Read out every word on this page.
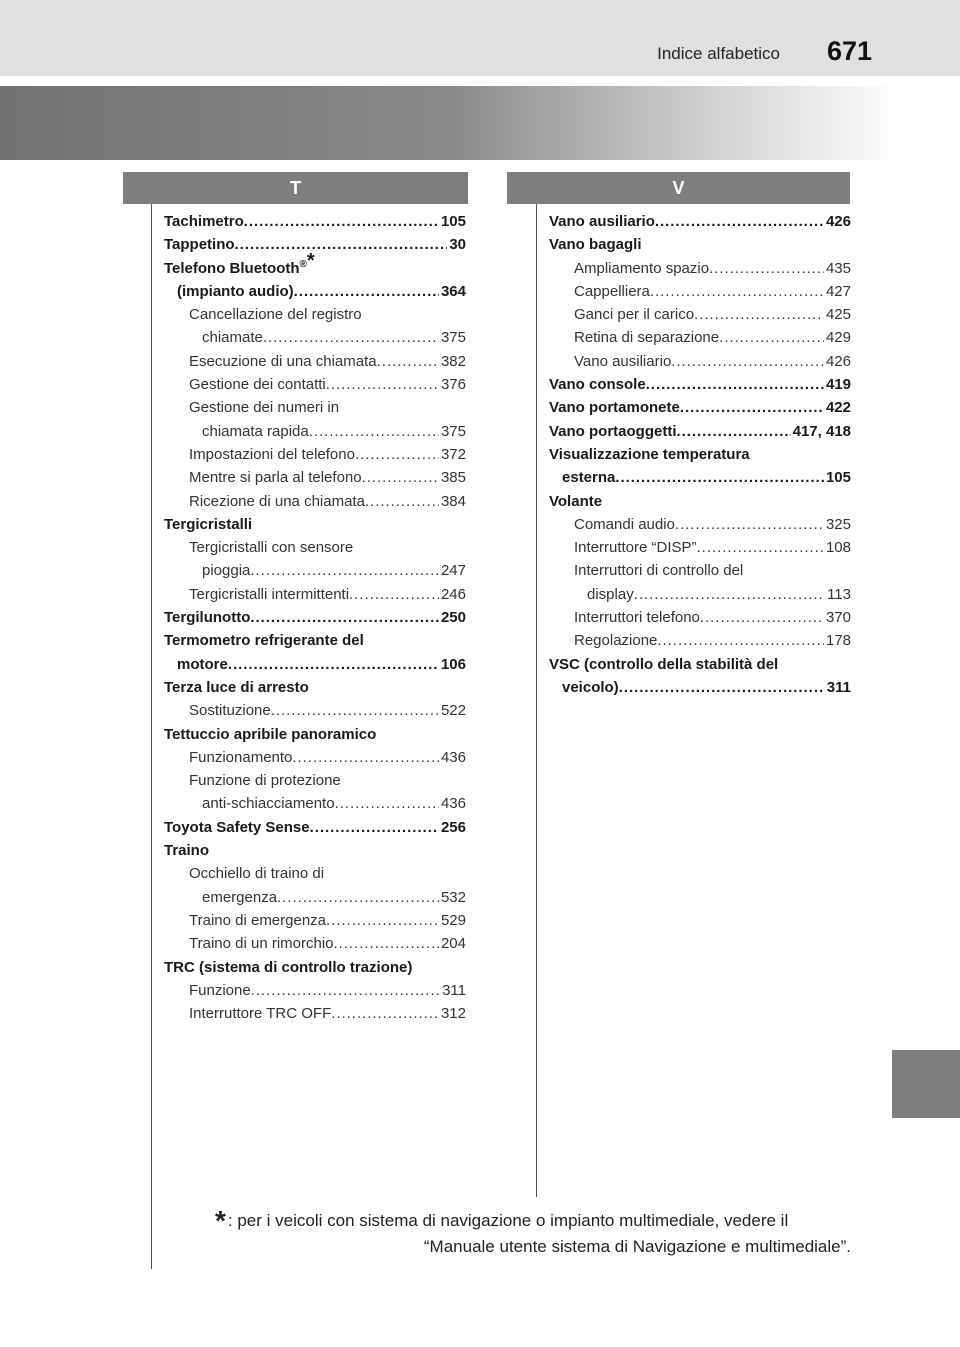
Indice alfabetico 671
T	V
Tachimetro . . .	105
Tappetino . . .	30
Telefono Bluetooth®*
(impianto audio) . . .	364
Cancellazione del registro
chiamate . . .	375
Esecuzione di una chiamata . . .	382
Gestione dei contatti . . .	376
Gestione dei numeri in
chiamata rapida . . .	375
Impostazioni del telefono . . .	372
Mentre si parla al telefono . . .	385
Ricezione di una chiamata . . .	384
Tergicristalli
Tergicristalli con sensore
pioggia . . .	247
Tergicristalli intermittenti . . .	246
Tergilunotto . . .	250
Termometro refrigerante del
motore . . .	106
Terza luce di arresto
Sostituzione . . .	522
Tettuccio apribile panoramico
Funzionamento . . .	436
Funzione di protezione
anti-schiacciamento . . .	436
Toyota Safety Sense . . .	256
Traino
Occhiello di traino di
emergenza . . .	532
Traino di emergenza . . .	529
Traino di un rimorchio . . .	204
TRC (sistema di controllo trazione)
Funzione . . .	311
Interruttore TRC OFF . . .	312
Vano ausiliario . . .	426
Vano bagagli
Ampliamento spazio . . .	435
Cappelliera . . .	427
Ganci per il carico . . .	425
Retina di separazione . . .	429
Vano ausiliario . . .	426
Vano console . . .	419
Vano portamonete . . .	422
Vano portaoggetti . . .	417, 418
Visualizzazione temperatura
esterna . . .	105
Volante
Comandi audio . . .	325
Interruttore “DISP” . . .	108
Interruttori di controllo del
display . . .	113
Interruttori telefono . . .	370
Regolazione . . .	178
VSC (controllo della stabilità del
veicolo) . . .	311
* : per i veicoli con sistema di navigazione o impianto multimediale, vedere il
“Manuale utente sistema di Navigazione e multimediale”.
